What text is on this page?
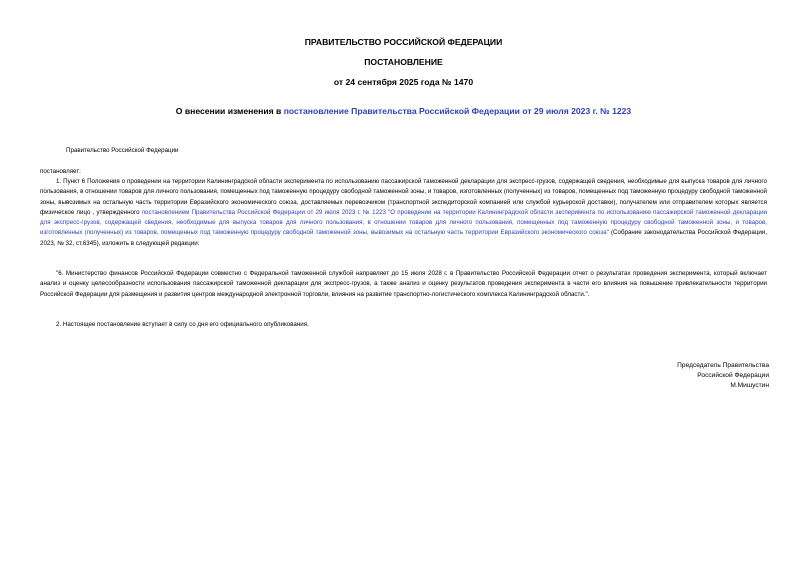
ПРАВИТЕЛЬСТВО РОССИЙСКОЙ ФЕДЕРАЦИИ
ПОСТАНОВЛЕНИЕ
от 24 сентября 2025 года № 1470
О внесении изменения в постановление Правительства Российской Федерации от 29 июля 2023 г. № 1223
Правительство Российской Федерации
постановляет:
1. Пункт 6 Положения о проведении на территории Калининградской области эксперимента по использованию пассажирской таможенной декларации для экспресс-грузов, содержащей сведения, необходимые для выпуска товаров для личного пользования, в отношении товаров для личного пользования, помещенных под таможенную процедуру свободной таможенной зоны, и товаров, изготовленных (полученных) из товаров, помещенных под таможенную процедуру свободной таможенной зоны, вывозимых на остальную часть территории Евразийского экономического союза, доставляемых перевозчиком (транспортной экспедиторской компанией или службой курьерской доставки), получателем или отправителем которых является физическое лицо , утвержденного постановлением Правительства Российской Федерации от 29 июля 2023 г. № 1223 "О проведении на территории Калининградской области эксперимента по использованию пассажирской таможенной декларации для экспресс-грузов, содержащей сведения, необходимые для выпуска товаров для личного пользования, в отношении товаров для личного пользования, помещенных под таможенную процедуру свободной таможенной зоны, и товаров, изготовленных (полученных) из товаров, помещенных под таможенную процедуру свободной таможенной зоны, вывозимых на остальную часть территории Евразийского экономического союза" (Собрание законодательства Российской Федерации, 2023, № 32, ст.6345), изложить в следующей редакции:
"6. Министерство финансов Российской Федерации совместно с Федеральной таможенной службой направляет до 15 июля 2028 г. в Правительство Российской Федерации отчет о результатах проведения эксперимента, который включает анализ и оценку целесообразности использования пассажирской таможенной декларации для экспресс-грузов, а также анализ и оценку результатов проведения эксперимента в части его влияния на повышение привлекательности территории Российской Федерации для размещения и развития центров международной электронной торговли, влияния на развитие транспортно-логистического комплекса Калининградской области.".
2. Настоящее постановление вступает в силу со дня его официального опубликования.
Председатель Правительства
Российской Федерации
М.Мишустин
